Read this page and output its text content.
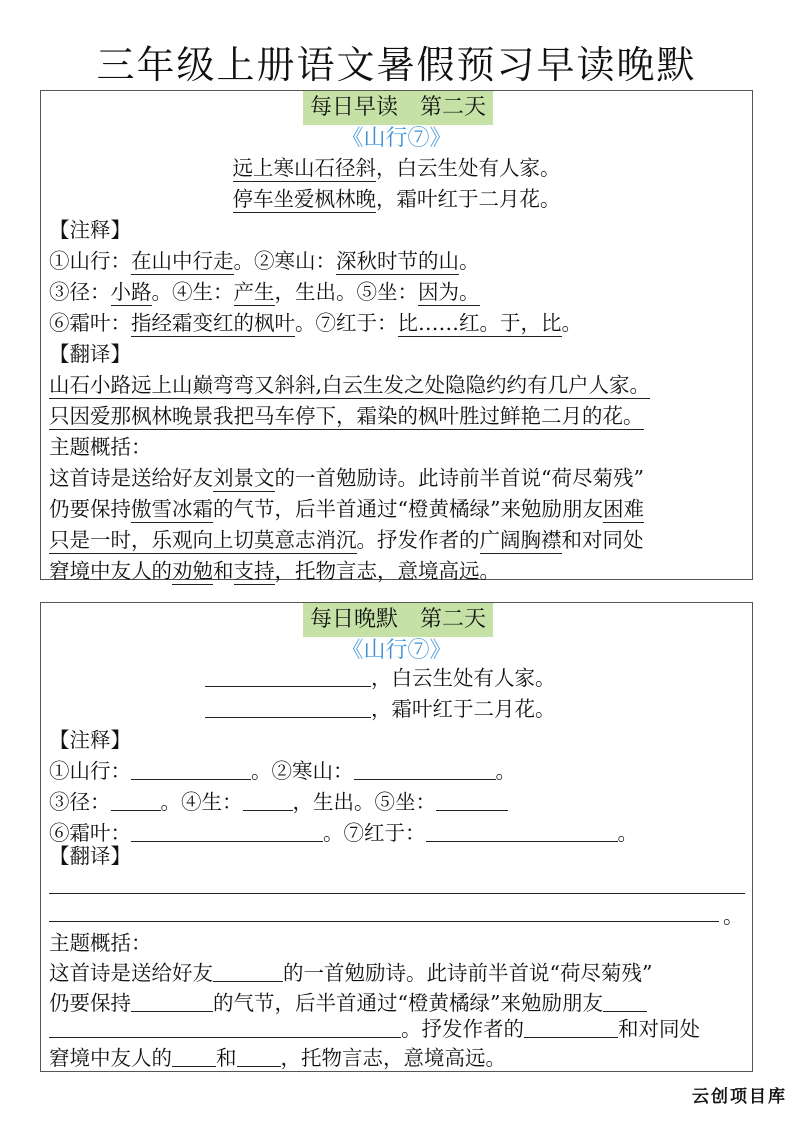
三年级上册语文暑假预习早读晚默
每日早读　第二天
《山行⑦》
远上寒山石径斜，白云生处有人家。
停车坐爱枫林晚，霜叶红于二月花。
【注释】
①山行：在山中行走。②寒山：深秋时节的山。
③径：小路。④生：产生，生出。⑤坐：因为。
⑥霜叶：指经霜变红的枫叶。⑦红于：比……红。于，比。
【翻译】
山石小路远上山巅弯弯又斜斜,白云生发之处隐隐约约有几户人家。
只因爱那枫林晚景我把马车停下，霜染的枫叶胜过鲜艳二月的花。
主题概括：
这首诗是送给好友刘景文的一首勉励诗。此诗前半首说“荷尽菊残”
仍要保持傲雪冰霜的气节，后半首通过“橙黄橘绿”来勉励朋友困难
只是一时，乐观向上切莫意志消沉。抒发作者的广阔胸襟和对同处
窘境中友人的劝勉和支持，托物言志，意境高远。
每日晚默　第二天
《山行⑦》
，白云生处有人家。
，霜叶红于二月花。
【注释】
①山行：	。②寒山：	。
③径： 。④生： ，生出。⑤坐：
⑥霜叶：	。⑦红于：	。
【翻译】
。
主题概括：
这首诗是送给好友	的一首勉励诗。此诗前半首说“荷尽菊残”
仍要保持	的气节，后半首通过“橙黄橘绿”来勉励朋友
。抒发作者的	和对同处
窘境中友人的 和 ，托物言志，意境高远。
云创项目库
